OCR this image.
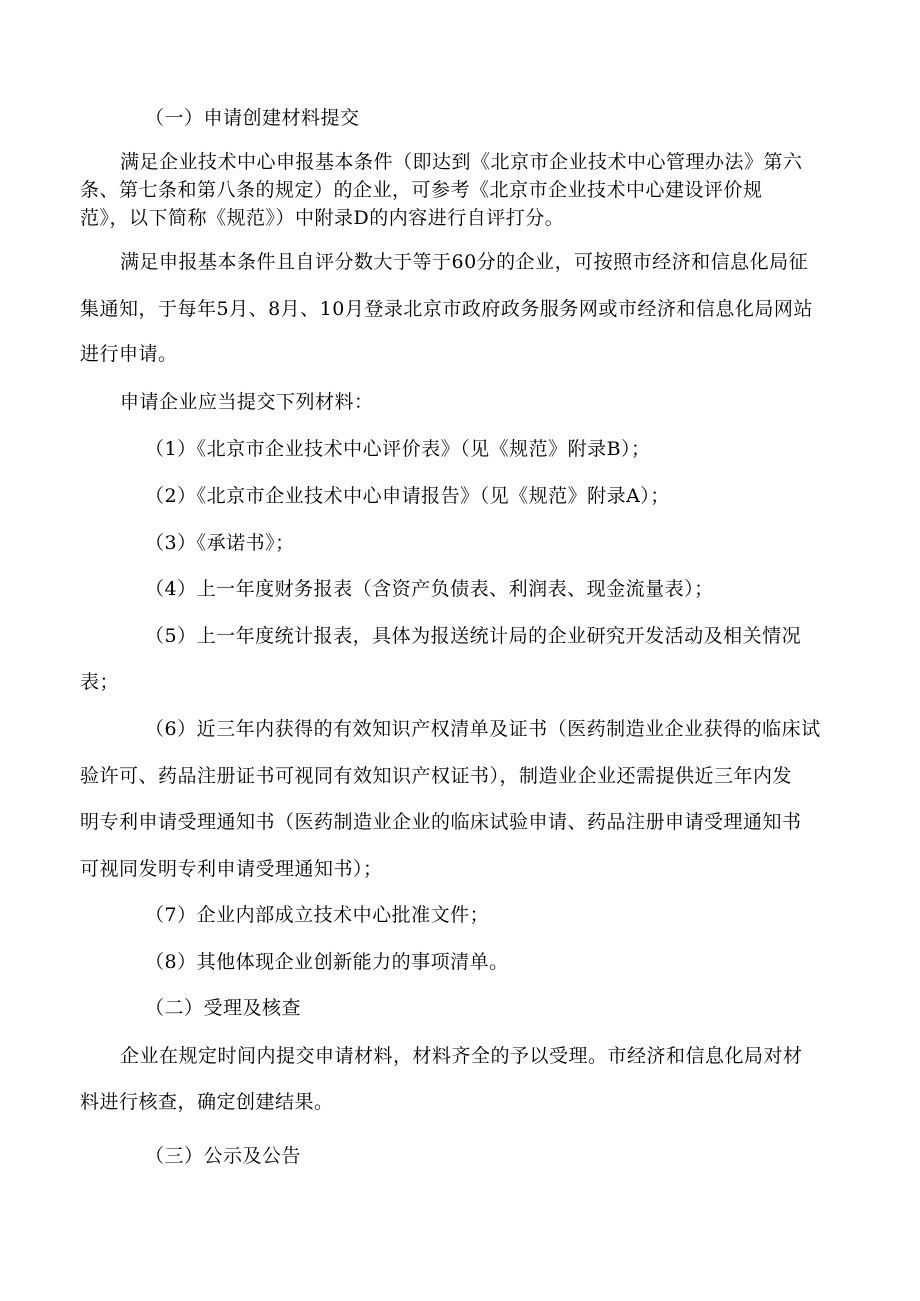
（一）申请创建材料提交
满足企业技术中心申报基本条件（即达到《北京市企业技术中心管理办法》第六
条、第七条和第八条的规定）的企业，可参考《北京市企业技术中心建设评价规
范》，以下简称《规范》）中附录D的内容进行自评打分。
满足申报基本条件且自评分数大于等于60分的企业，可按照市经济和信息化局征
集通知，于每年5月、8月、10月登录北京市政府政务服务网或市经济和信息化局网站
进行申请。
申请企业应当提交下列材料：
（1）《北京市企业技术中心评价表》（见《规范》附录B）；
（2）《北京市企业技术中心申请报告》（见《规范》附录A）；
（3）《承诺书》；
（4）上一年度财务报表（含资产负债表、利润表、现金流量表）；
（5）上一年度统计报表，具体为报送统计局的企业研究开发活动及相关情况
表；
（6）近三年内获得的有效知识产权清单及证书（医药制造业企业获得的临床试
验许可、药品注册证书可视同有效知识产权证书），制造业企业还需提供近三年内发
明专利申请受理通知书（医药制造业企业的临床试验申请、药品注册申请受理通知书
可视同发明专利申请受理通知书）；
（7）企业内部成立技术中心批准文件；
（8）其他体现企业创新能力的事项清单。
（二）受理及核查
企业在规定时间内提交申请材料，材料齐全的予以受理。市经济和信息化局对材
料进行核查，确定创建结果。
（三）公示及公告
